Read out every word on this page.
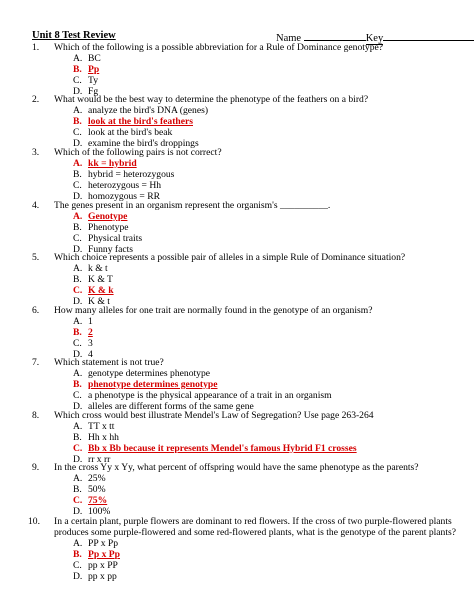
Unit 8 Test Review	Name	Key
1.	Which of the following is a possible abbreviation for a Rule of Dominance genotype?
A. BC
B. Pp
C. Ty
D. Fg
2.	What would be the best way to determine the phenotype of the feathers on a bird?
A. analyze the bird's DNA (genes)
B. look at the bird's feathers
C. look at the bird's beak
D. examine the bird's droppings
3.	Which of the following pairs is not correct?
A. kk = hybrid
B. hybrid = heterozygous
C. heterozygous = Hh
D. homozygous = RR
4.	The genes present in an organism represent the organism's __________.
A. Genotype
B. Phenotype
C. Physical traits
D. Funny facts
5.	Which choice represents a possible pair of alleles in a simple Rule of Dominance situation?
A. k & t
B. K & T
C. K & k
D. K & t
6.	How many alleles for one trait are normally found in the genotype of an organism?
A. 1
B. 2
C. 3
D. 4
7.	Which statement is not true?
A. genotype determines phenotype
B. phenotype determines genotype
C. a phenotype is the physical appearance of a trait in an organism
D. alleles are different forms of the same gene
8.	Which cross would best illustrate Mendel's Law of Segregation? Use page 263-264
A. TT x tt
B. Hh x hh
C. Bb x Bb because it represents Mendel's famous Hybrid F1 crosses
D. rr x rr
9.	In the cross Yy x Yy, what percent of offspring would have the same phenotype as the parents?
A. 25%
B. 50%
C. 75%
D. 100%
10.	In a certain plant, purple flowers are dominant to red flowers. If the cross of two purple-flowered plants produces some purple-flowered and some red-flowered plants, what is the genotype of the parent plants?
A. PP x Pp
B. Pp x Pp
C. pp x PP
D. pp x pp
